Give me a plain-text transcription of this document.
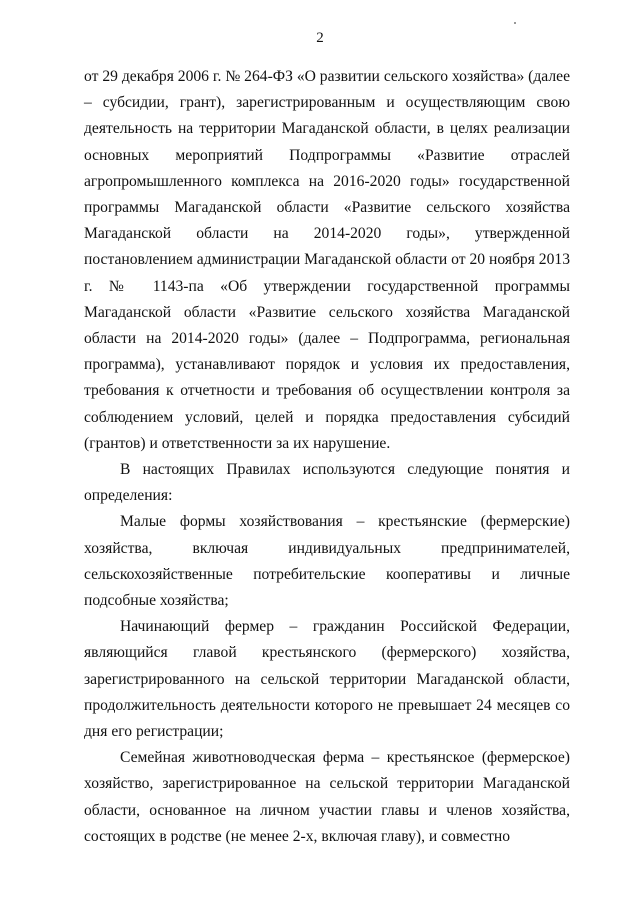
2

от 29 декабря 2006 г. № 264-ФЗ «О развитии сельского хозяйства» (далее – субсидии, грант), зарегистрированным и осуществляющим свою деятельность на территории Магаданской области, в целях реализации основных мероприятий Подпрограммы «Развитие отраслей агропромышленного комплекса на 2016-2020 годы» государственной программы Магаданской области «Развитие сельского хозяйства Магаданской области на 2014-2020 годы», утвержденной постановлением администрации Магаданской области от 20 ноября 2013 г. № 1143-па «Об утверждении государственной программы Магаданской области «Развитие сельского хозяйства Магаданской области на 2014-2020 годы» (далее – Подпрограмма, региональная программа), устанавливают порядок и условия их предоставления, требования к отчетности и требования об осуществлении контроля за соблюдением условий, целей и порядка предоставления субсидий (грантов) и ответственности за их нарушение.

В настоящих Правилах используются следующие понятия и определения:

Малые формы хозяйствования – крестьянские (фермерские) хозяйства, включая индивидуальных предпринимателей, сельскохозяйственные потребительские кооперативы и личные подсобные хозяйства;

Начинающий фермер – гражданин Российской Федерации, являющийся главой крестьянского (фермерского) хозяйства, зарегистрированного на сельской территории Магаданской области, продолжительность деятельности которого не превышает 24 месяцев со дня его регистрации;

Семейная животноводческая ферма – крестьянское (фермерское) хозяйство, зарегистрированное на сельской территории Магаданской области, основанное на личном участии главы и членов хозяйства, состоящих в родстве (не менее 2-х, включая главу), и совместно
